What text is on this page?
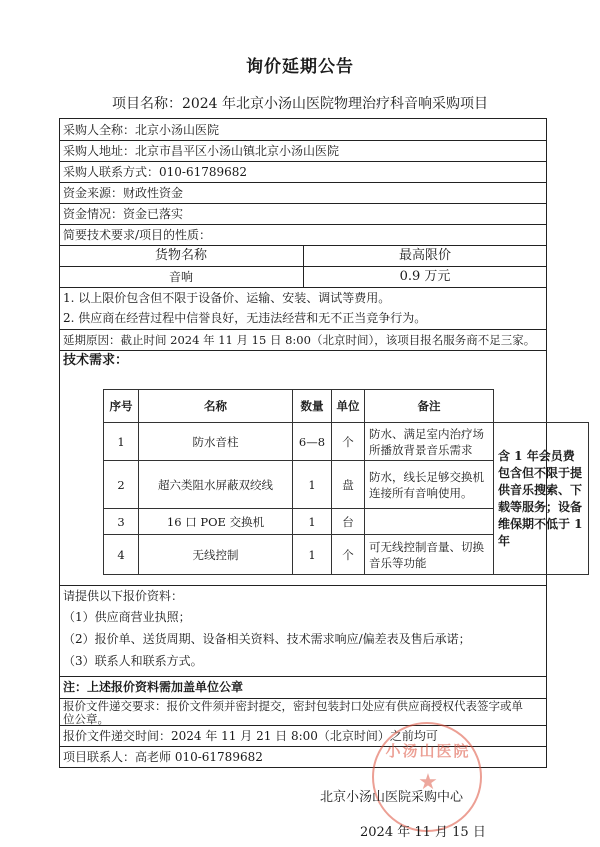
询价延期公告
项目名称：2024 年北京小汤山医院物理治疗科音响采购项目
采购人全称：北京小汤山医院
采购人地址：北京市昌平区小汤山镇北京小汤山医院
采购人联系方式：010-61789682
资金来源：财政性资金
资金情况：资金已落实
简要技术要求/项目的性质：
货物名称	最高限价
音响	0.9 万元
1. 以上限价包含但不限于设备价、运输、安装、调试等费用。
2. 供应商在经营过程中信誉良好，无违法经营和无不正当竞争行为。
延期原因：截止时间 2024 年 11 月 15 日 8:00（北京时间），该项目报名服务商不足三家。
技术需求：
序号	名称	数量	单位	备注	
1	防水音柱	6—8	个	防水、满足室内治疗场所播放背景音乐需求	含 1 年会员费包含但不限于提供音乐搜索、下载等服务；设备维保期不低于 1 年
2	超六类阻水屏蔽双绞线	1	盘	防水，线长足够交换机连接所有音响使用。	
3	16 口 POE 交换机	1	台		
4	无线控制	1	个	可无线控制音量、切换音乐等功能	
请提供以下报价资料：
（1）供应商营业执照；
（2）报价单、送货周期、设备相关资料、技术需求响应/偏差表及售后承诺；
（3）联系人和联系方式。
注：上述报价资料需加盖单位公章
报价文件递交要求：报价文件须并密封提交，密封包装封口处应有供应商授权代表签字或单
位公章。
报价文件递交时间：2024 年 11 月 21 日 8:00（北京时间）之前均可
项目联系人：高老师 010-61789682	小汤山医院
★
北京小汤山医院采购中心
2024 年 11 月 15 日
